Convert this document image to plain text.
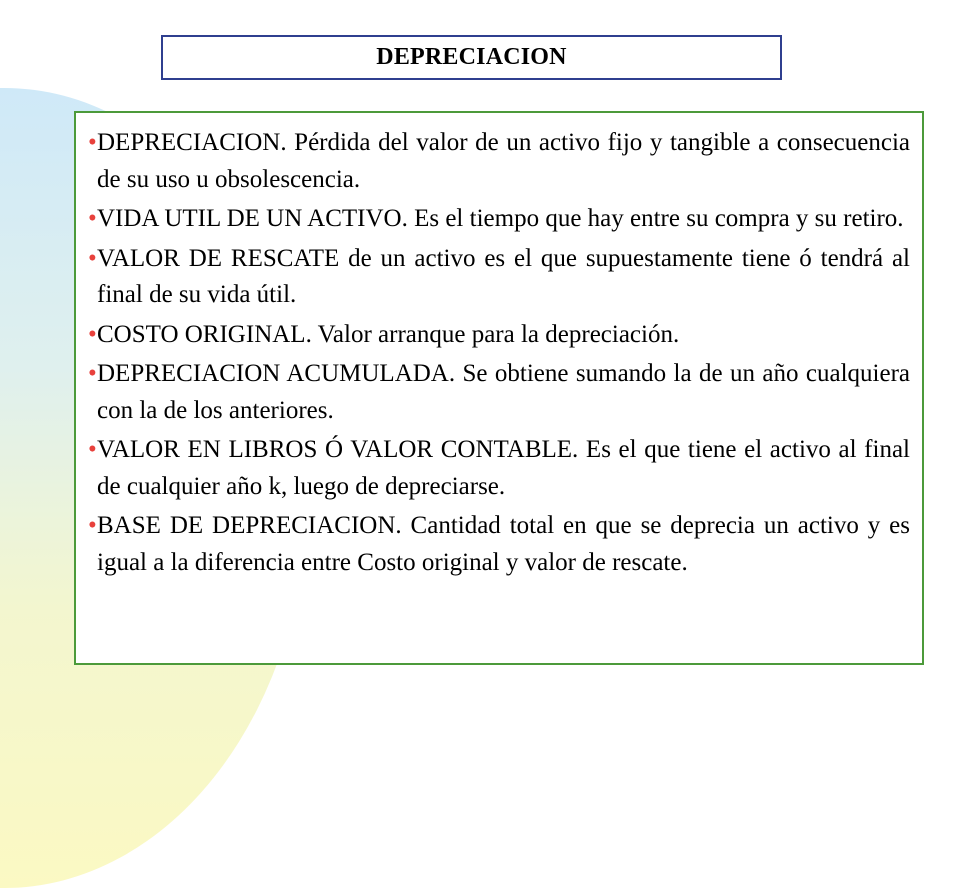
DEPRECIACION
• DEPRECIACION. Pérdida del valor de un activo fijo y tangible a consecuencia de su uso u obsolescencia.
• VIDA UTIL DE UN ACTIVO. Es el tiempo que hay entre su compra y su retiro.
• VALOR DE RESCATE de un activo es el que supuestamente tiene ó tendrá al final de su vida útil.
• COSTO ORIGINAL. Valor arranque para la depreciación.
• DEPRECIACION ACUMULADA. Se obtiene sumando la de un año cualquiera con la de los anteriores.
• VALOR EN LIBROS Ó VALOR CONTABLE. Es el que tiene el activo al final de cualquier año k, luego de depreciarse.
• BASE DE DEPRECIACION. Cantidad total en que se deprecia un activo y es igual a la diferencia entre Costo original y valor de rescate.
